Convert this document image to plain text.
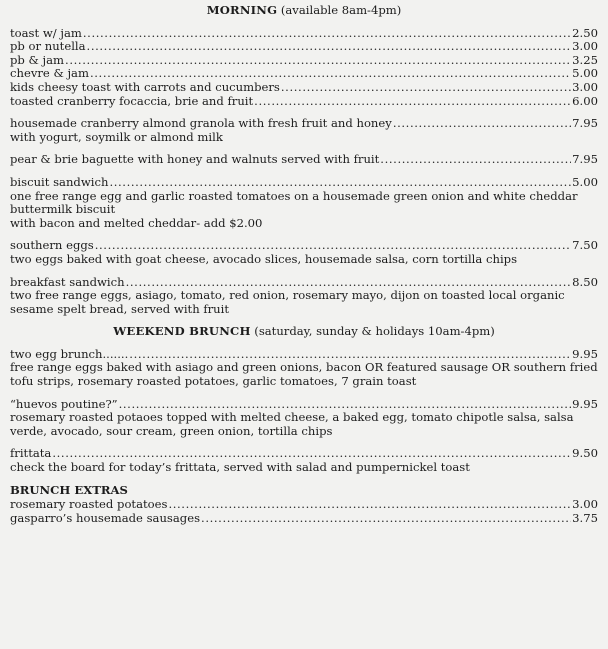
MORNING (available 8am-4pm)
toast w/ jam .....	2.50
pb or nutella .....	3.00
pb & jam .....	3.25
chevre & jam .....	5.00
kids cheesy toast with carrots and cucumbers .....	3.00
toasted cranberry focaccia, brie and fruit .....	6.00
housemade cranberry almond granola with fresh fruit and honey .....	7.95
with yogurt, soymilk or almond milk
pear & brie baguette with honey and walnuts served with fruit .....	7.95
biscuit sandwich .....	5.00
one free range egg and garlic roasted tomatoes on a housemade green onion and white cheddar buttermilk biscuit
with bacon and melted cheddar- add $2.00
southern eggs .....	7.50
two eggs baked with goat cheese, avocado slices, housemade salsa, corn tortilla chips
breakfast sandwich .....	8.50
two free range eggs, asiago, tomato, red onion, rosemary mayo, dijon on toasted local organic sesame spelt bread, served with fruit
WEEKEND BRUNCH (saturday, sunday & holidays 10am-4pm)
two egg brunch....... .....	9.95
free range eggs baked with asiago and green onions, bacon OR featured sausage OR southern fried tofu strips, rosemary roasted potatoes, garlic tomatoes, 7 grain toast
“huevos poutine?” .....	9.95
rosemary roasted potaoes topped with melted cheese, a baked egg, tomato chipotle salsa, salsa verde, avocado, sour cream, green onion, tortilla chips
frittata .....	9.50
check the board for today’s frittata, served with salad and pumpernickel toast
BRUNCH EXTRAS
rosemary roasted potatoes .....	3.00
gasparro’s housemade sausages .....	3.75
